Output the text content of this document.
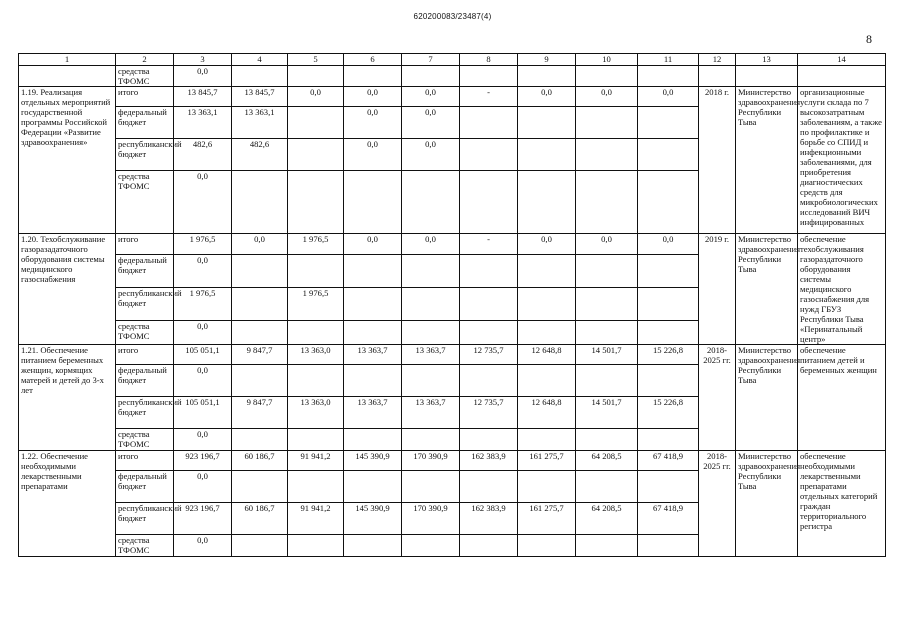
620200083/23487(4)
8
1	2	3	4	5	6	7	8	9	10	11	12	13	14
	средства ТФОМС	0,0											
1.19. Реализация отдельных мероприятий государственной программы Российской Федерации «Развитие здравоохранения»	итого	13 845,7	13 845,7	0,0	0,0	0,0	-	0,0	0,0	0,0	2018 г.	Министерство здравоохранения Республики Тыва	организационные услуги склада по 7 высокозатратным заболеваниям, а также по профилактике и борьбе со СПИД и инфекционными заболеваниями, для приобретения диагностических средств для микробиологических исследований ВИЧ инфицированных
	федеральный бюджет	13 363,1	13 363,1		0,0	0,0							
	республиканский бюджет	482,6	482,6		0,0	0,0							
	средства ТФОМС	0,0											
1.20. Техобслуживание газоразадаточного оборудования системы медицинского газоснабжения	итого	1 976,5	0,0	1 976,5	0,0	0,0	-	0,0	0,0	0,0	2019 г.	Министерство здравоохранения Республики Тыва	обеспечение техобслуживания газораздаточного оборудования системы медицинского газоснабжения для нужд ГБУЗ Республики Тыва «Перинатальный центр»
	федеральный бюджет	0,0											
	республиканский бюджет	1 976,5		1 976,5									
	средства ТФОМС	0,0											
1.21. Обеспечение питанием беременных женщин, кормящих матерей и детей до 3-х лет	итого	105 051,1	9 847,7	13 363,0	13 363,7	13 363,7	12 735,7	12 648,8	14 501,7	15 226,8	2018-2025 гг.	Министерство здравоохранения Республики Тыва	обеспечение питанием детей и беременных женщин
	федеральный бюджет	0,0											
	республиканский бюджет	105 051,1	9 847,7	13 363,0	13 363,7	13 363,7	12 735,7	12 648,8	14 501,7	15 226,8			
	средства ТФОМС	0,0											
1.22. Обеспечение необходимыми лекарственными препаратами	итого	923 196,7	60 186,7	91 941,2	145 390,9	170 390,9	162 383,9	161 275,7	64 208,5	67 418,9	2018-2025 гг.	Министерство здравоохранения Республики Тыва	обеспечение необходимыми лекарственными препаратами отдельных категорий граждан территориального регистра
	федеральный бюджет	0,0											
	республиканский бюджет	923 196,7	60 186,7	91 941,2	145 390,9	170 390,9	162 383,9	161 275,7	64 208,5	67 418,9			
	средства ТФОМС	0,0											
